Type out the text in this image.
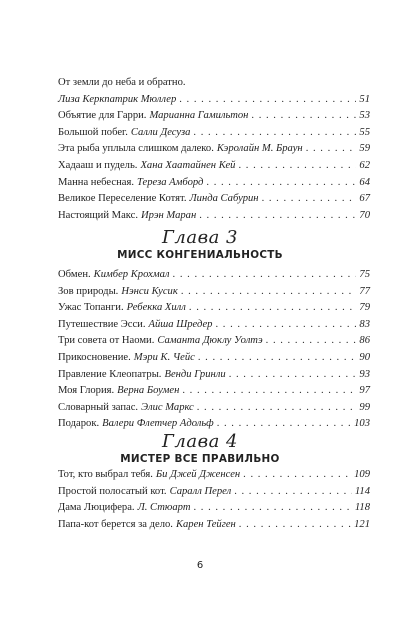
От земли до неба и обратно.
Лиза Керкпатрик Мюллер . . .	51
Объятие для Гарри. Марианна Гамильтон . . .	53
Большой побег. Салли Десуза . . .	55
Эта рыба уплыла слишком далеко. Кэролайн М. Браун . . .	59
Хадааш и пудель. Хана Хаатайнен Кей . . .	62
Манна небесная. Тереза Амборд . . .	64
Великое Переселение Котят. Линда Сабурин . . .	67
Настоящий Макс. Ирэн Маран . . .	70
Глава 3
МИСС КОНГЕНИАЛЬНОСТЬ
Обмен. Кимбер Крохмал . . .	75
Зов природы. Нэнси Кусик . . .	77
Ужас Топанги. Ребекка Хилл . . .	79
Путешествие Эсси. Айша Шредер . . .	83
Три совета от Наоми. Саманта Дюклу Уолтэ . . .	86
Прикосновение. Мэри К. Чейс . . .	90
Правление Клеопатры. Венди Гринли . . .	93
Моя Глория. Верна Боумен . . .	97
Словарный запас. Элис Маркс . . .	99
Подарок. Валери Флетчер Адольф . . .	103
Глава 4
МИСТЕР ВСЕ ПРАВИЛЬНО
Тот, кто выбрал тебя. Би Джей Дженсен . . .	109
Простой полосатый кот. Саралл Перел . . .	114
Дама Люцифера. Л. Стюарт . . .	118
Папа-кот берется за дело. Карен Тейген . . .	121
6
